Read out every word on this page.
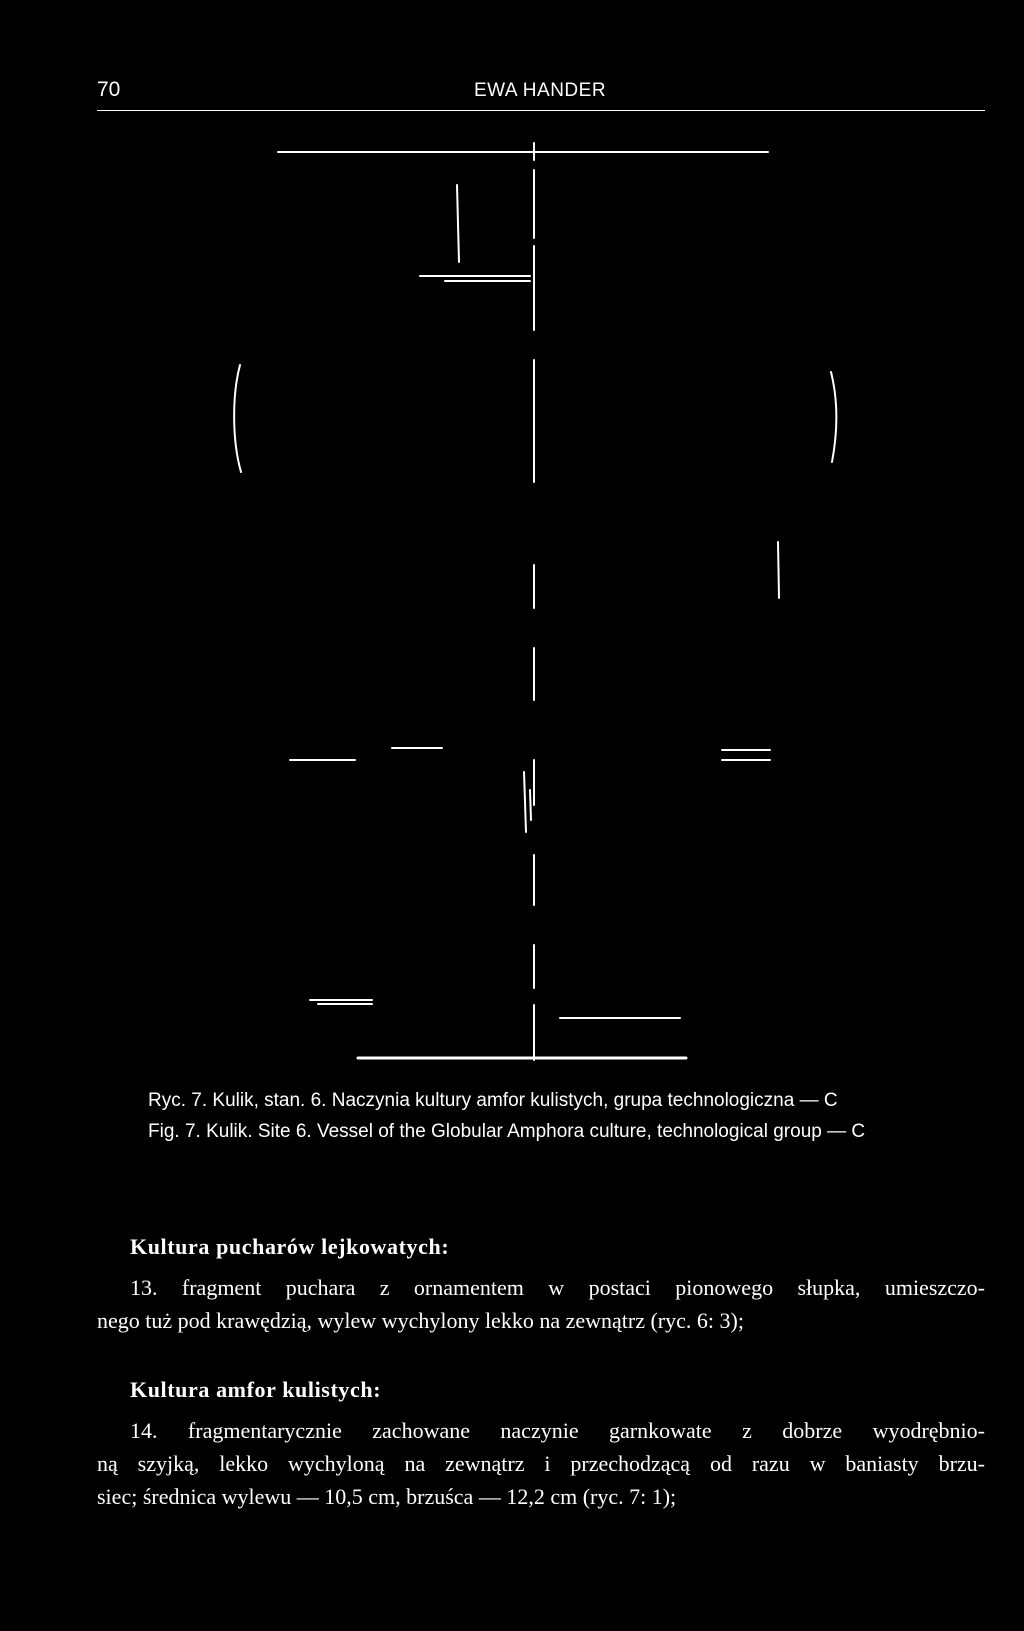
70	EWA HANDER
Ryc. 7. Kulik, stan. 6. Naczynia kultury amfor kulistych, grupa technologiczna — C
Fig. 7. Kulik. Site 6. Vessel of the Globular Amphora culture, technological group — C
Kultura pucharów lejkowatych:
13. fragment puchara z ornamentem w postaci pionowego słupka, umieszczo-
nego tuż pod krawędzią, wylew wychylony lekko na zewnątrz (ryc. 6: 3);
Kultura amfor kulistych:
14. fragmentarycznie zachowane naczynie garnkowate z dobrze wyodrębnio-
ną szyjką, lekko wychyloną na zewnątrz i przechodzącą od razu w baniasty brzu-
siec; średnica wylewu — 10,5 cm, brzuśca — 12,2 cm (ryc. 7: 1);
